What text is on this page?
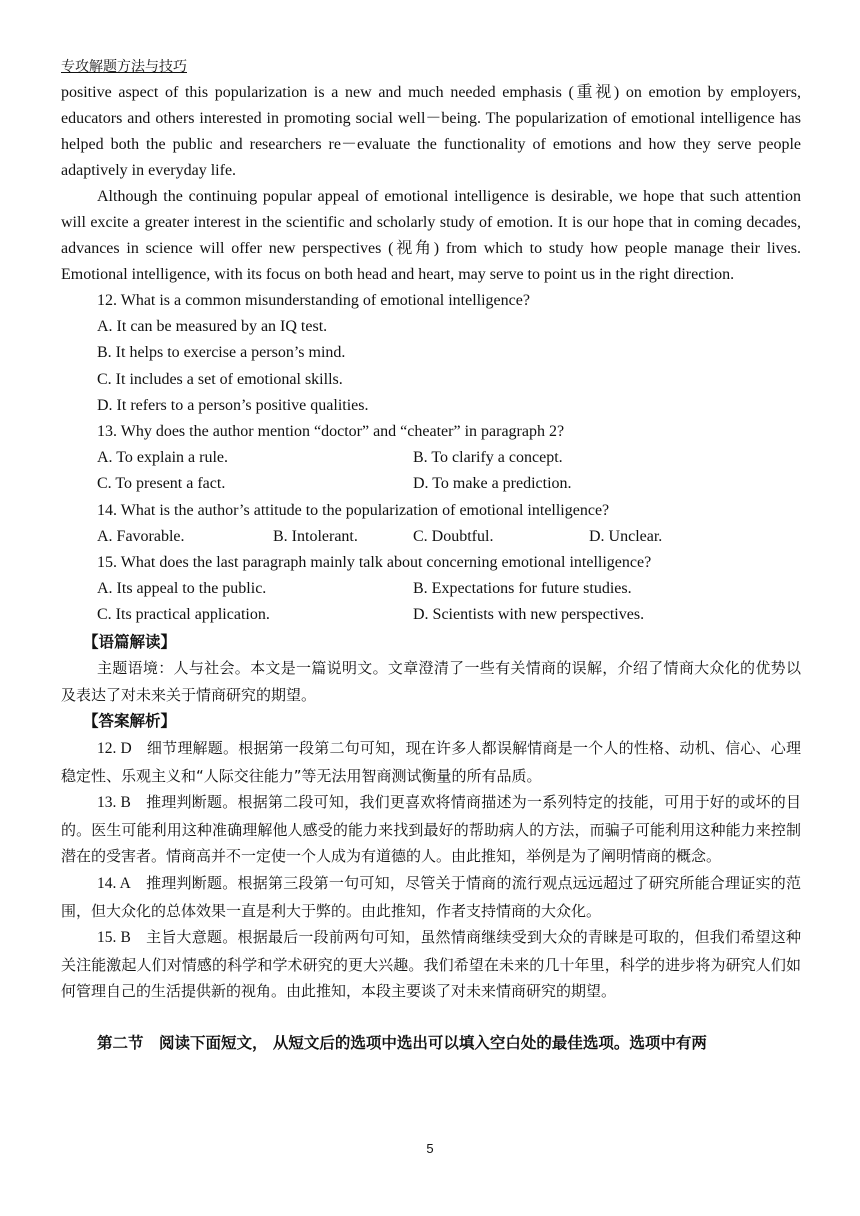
专攻解题方法与技巧

positive aspect of this popularization is a new and much needed emphasis (重视) on emotion by employers, educators and others interested in promoting social well－being. The popularization of emotional intelligence has helped both the public and researchers re－evaluate the functionality of emotions and how they serve people adaptively in everyday life.

Although the continuing popular appeal of emotional intelligence is desirable, we hope that such attention will excite a greater interest in the scientific and scholarly study of emotion. It is our hope that in coming decades, advances in science will offer new perspectives (视角) from which to study how people manage their lives. Emotional intelligence, with its focus on both head and heart, may serve to point us in the right direction.

12. What is a common misunderstanding of emotional intelligence?
A. It can be measured by an IQ test.
B. It helps to exercise a person’s mind.
C. It includes a set of emotional skills.
D. It refers to a person’s positive qualities.
13. Why does the author mention “doctor” and “cheater” in paragraph 2?
A. To explain a rule.	B. To clarify a concept.
C. To present a fact.	D. To make a prediction.
14. What is the author’s attitude to the popularization of emotional intelligence?
A. Favorable.	B. Intolerant.	C. Doubtful.	D. Unclear.
15. What does the last paragraph mainly talk about concerning emotional intelligence?
A. Its appeal to the public.	B. Expectations for future studies.
C. Its practical application.	D. Scientists with new perspectives.
【语篇解读】

主题语境：人与社会。本文是一篇说明文。文章澄清了一些有关情商的误解，介绍了情商大众化的优势以及表达了对未来关于情商研究的期望。

【答案解析】

12. D  细节理解题。根据第一段第二句可知，现在许多人都误解情商是一个人的性格、动机、信心、心理稳定性、乐观主义和“人际交往能力”等无法用智商测试衡量的所有品质。

13. B  推理判断题。根据第二段可知，我们更喜欢将情商描述为一系列特定的技能，可用于好的或坏的目的。医生可能利用这种准确理解他人感受的能力来找到最好的帮助病人的方法，而骗子可能利用这种能力来控制潜在的受害者。情商高并不一定使一个人成为有道德的人。由此推知，举例是为了阐明情商的概念。

14. A  推理判断题。根据第三段第一句可知，尽管关于情商的流行观点远远超过了研究所能合理证实的范围，但大众化的总体效果一直是利大于弊的。由此推知，作者支持情商的大众化。

15. B  主旨大意题。根据最后一段前两句可知，虽然情商继续受到大众的青睐是可取的，但我们希望这种关注能激起人们对情感的科学和学术研究的更大兴趣。我们希望在未来的几十年里，科学的进步将为研究人们如何管理自己的生活提供新的视角。由此推知，本段主要谈了对未来情商研究的期望。

第二节　阅读下面短文， 从短文后的选项中选出可以填入空白处的最佳选项。选项中有两
5
